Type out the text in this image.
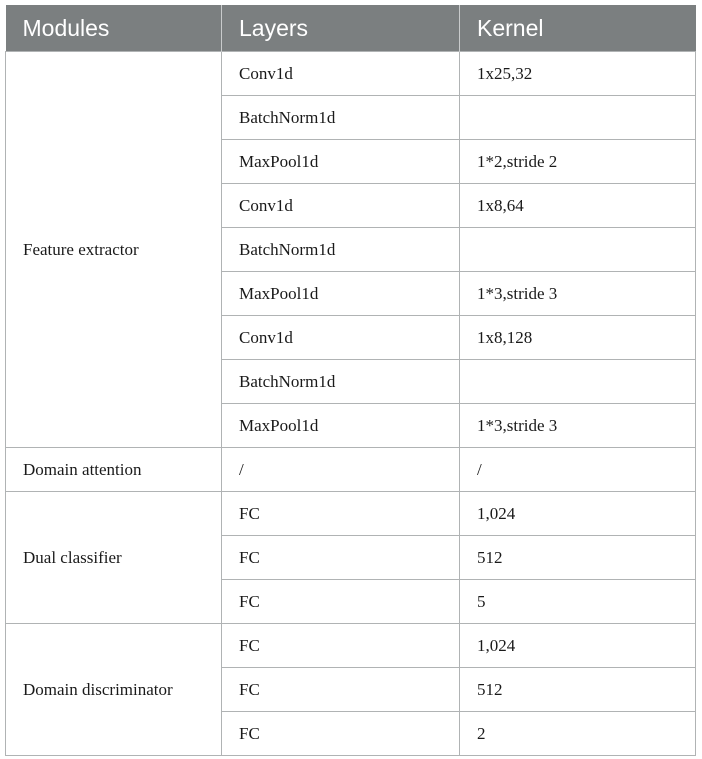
Modules	Layers	Kernel
Feature extractor	Conv1d	1x25,32
	BatchNorm1d	
	MaxPool1d	1*2,stride 2
	Conv1d	1x8,64
	BatchNorm1d	
	MaxPool1d	1*3,stride 3
	Conv1d	1x8,128
	BatchNorm1d	
	MaxPool1d	1*3,stride 3
Domain attention	/	/
Dual classifier	FC	1,024
	FC	512
	FC	5
Domain discriminator	FC	1,024
	FC	512
	FC	2
